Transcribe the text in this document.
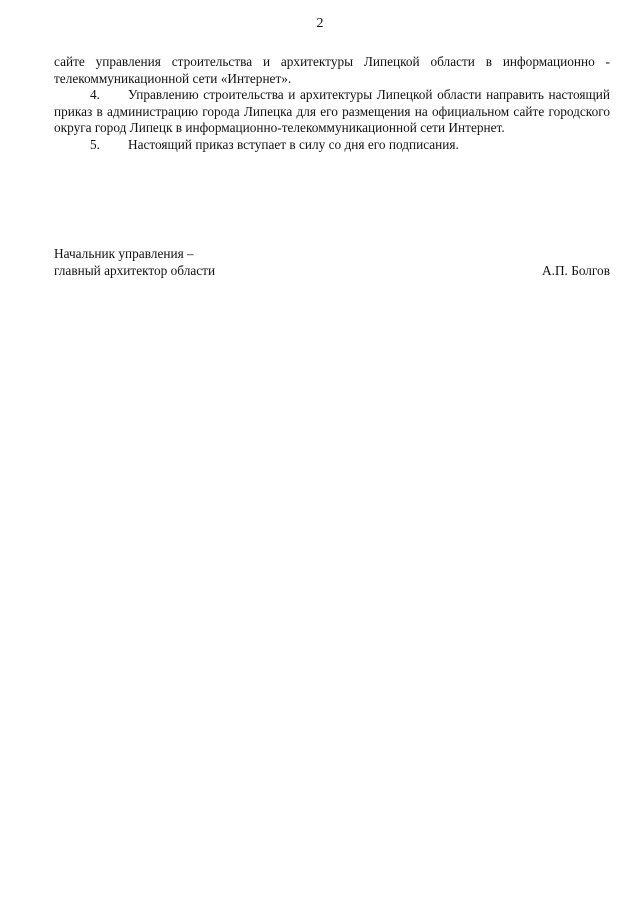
2

сайте управления строительства и архитектуры Липецкой области в информационно - телекоммуникационной сети «Интернет».

4. Управлению строительства и архитектуры Липецкой области направить настоящий приказ в администрацию города Липецка для его размещения на официальном сайте городского округа город Липецк в информационно-телекоммуникационной сети Интернет.

5. Настоящий приказ вступает в силу со дня его подписания.

Начальник управления –
главный архитектор области	А.П. Болгов
